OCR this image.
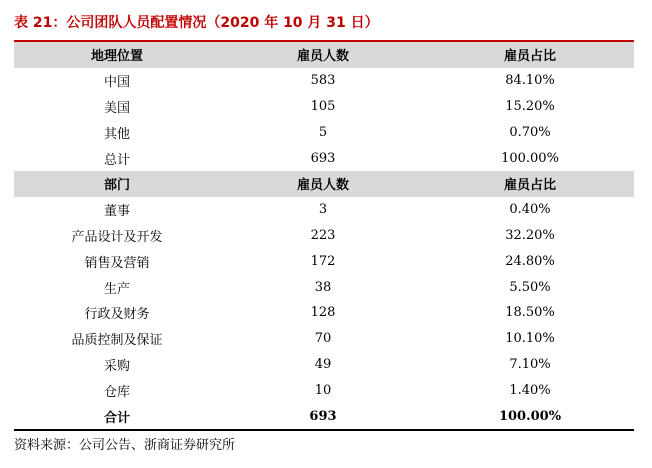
表 21：公司团队人员配置情况（2020 年 10 月 31 日）
地理位置	雇员人数	雇员占比
中国	583	84.10%
美国	105	15.20%
其他	5	0.70%
总计	693	100.00%
部门	雇员人数	雇员占比
董事	3	0.40%
产品设计及开发	223	32.20%
销售及营销	172	24.80%
生产	38	5.50%
行政及财务	128	18.50%
品质控制及保证	70	10.10%
采购	49	7.10%
仓库	10	1.40%
合计	693	100.00%
资料来源：公司公告、浙商证券研究所
